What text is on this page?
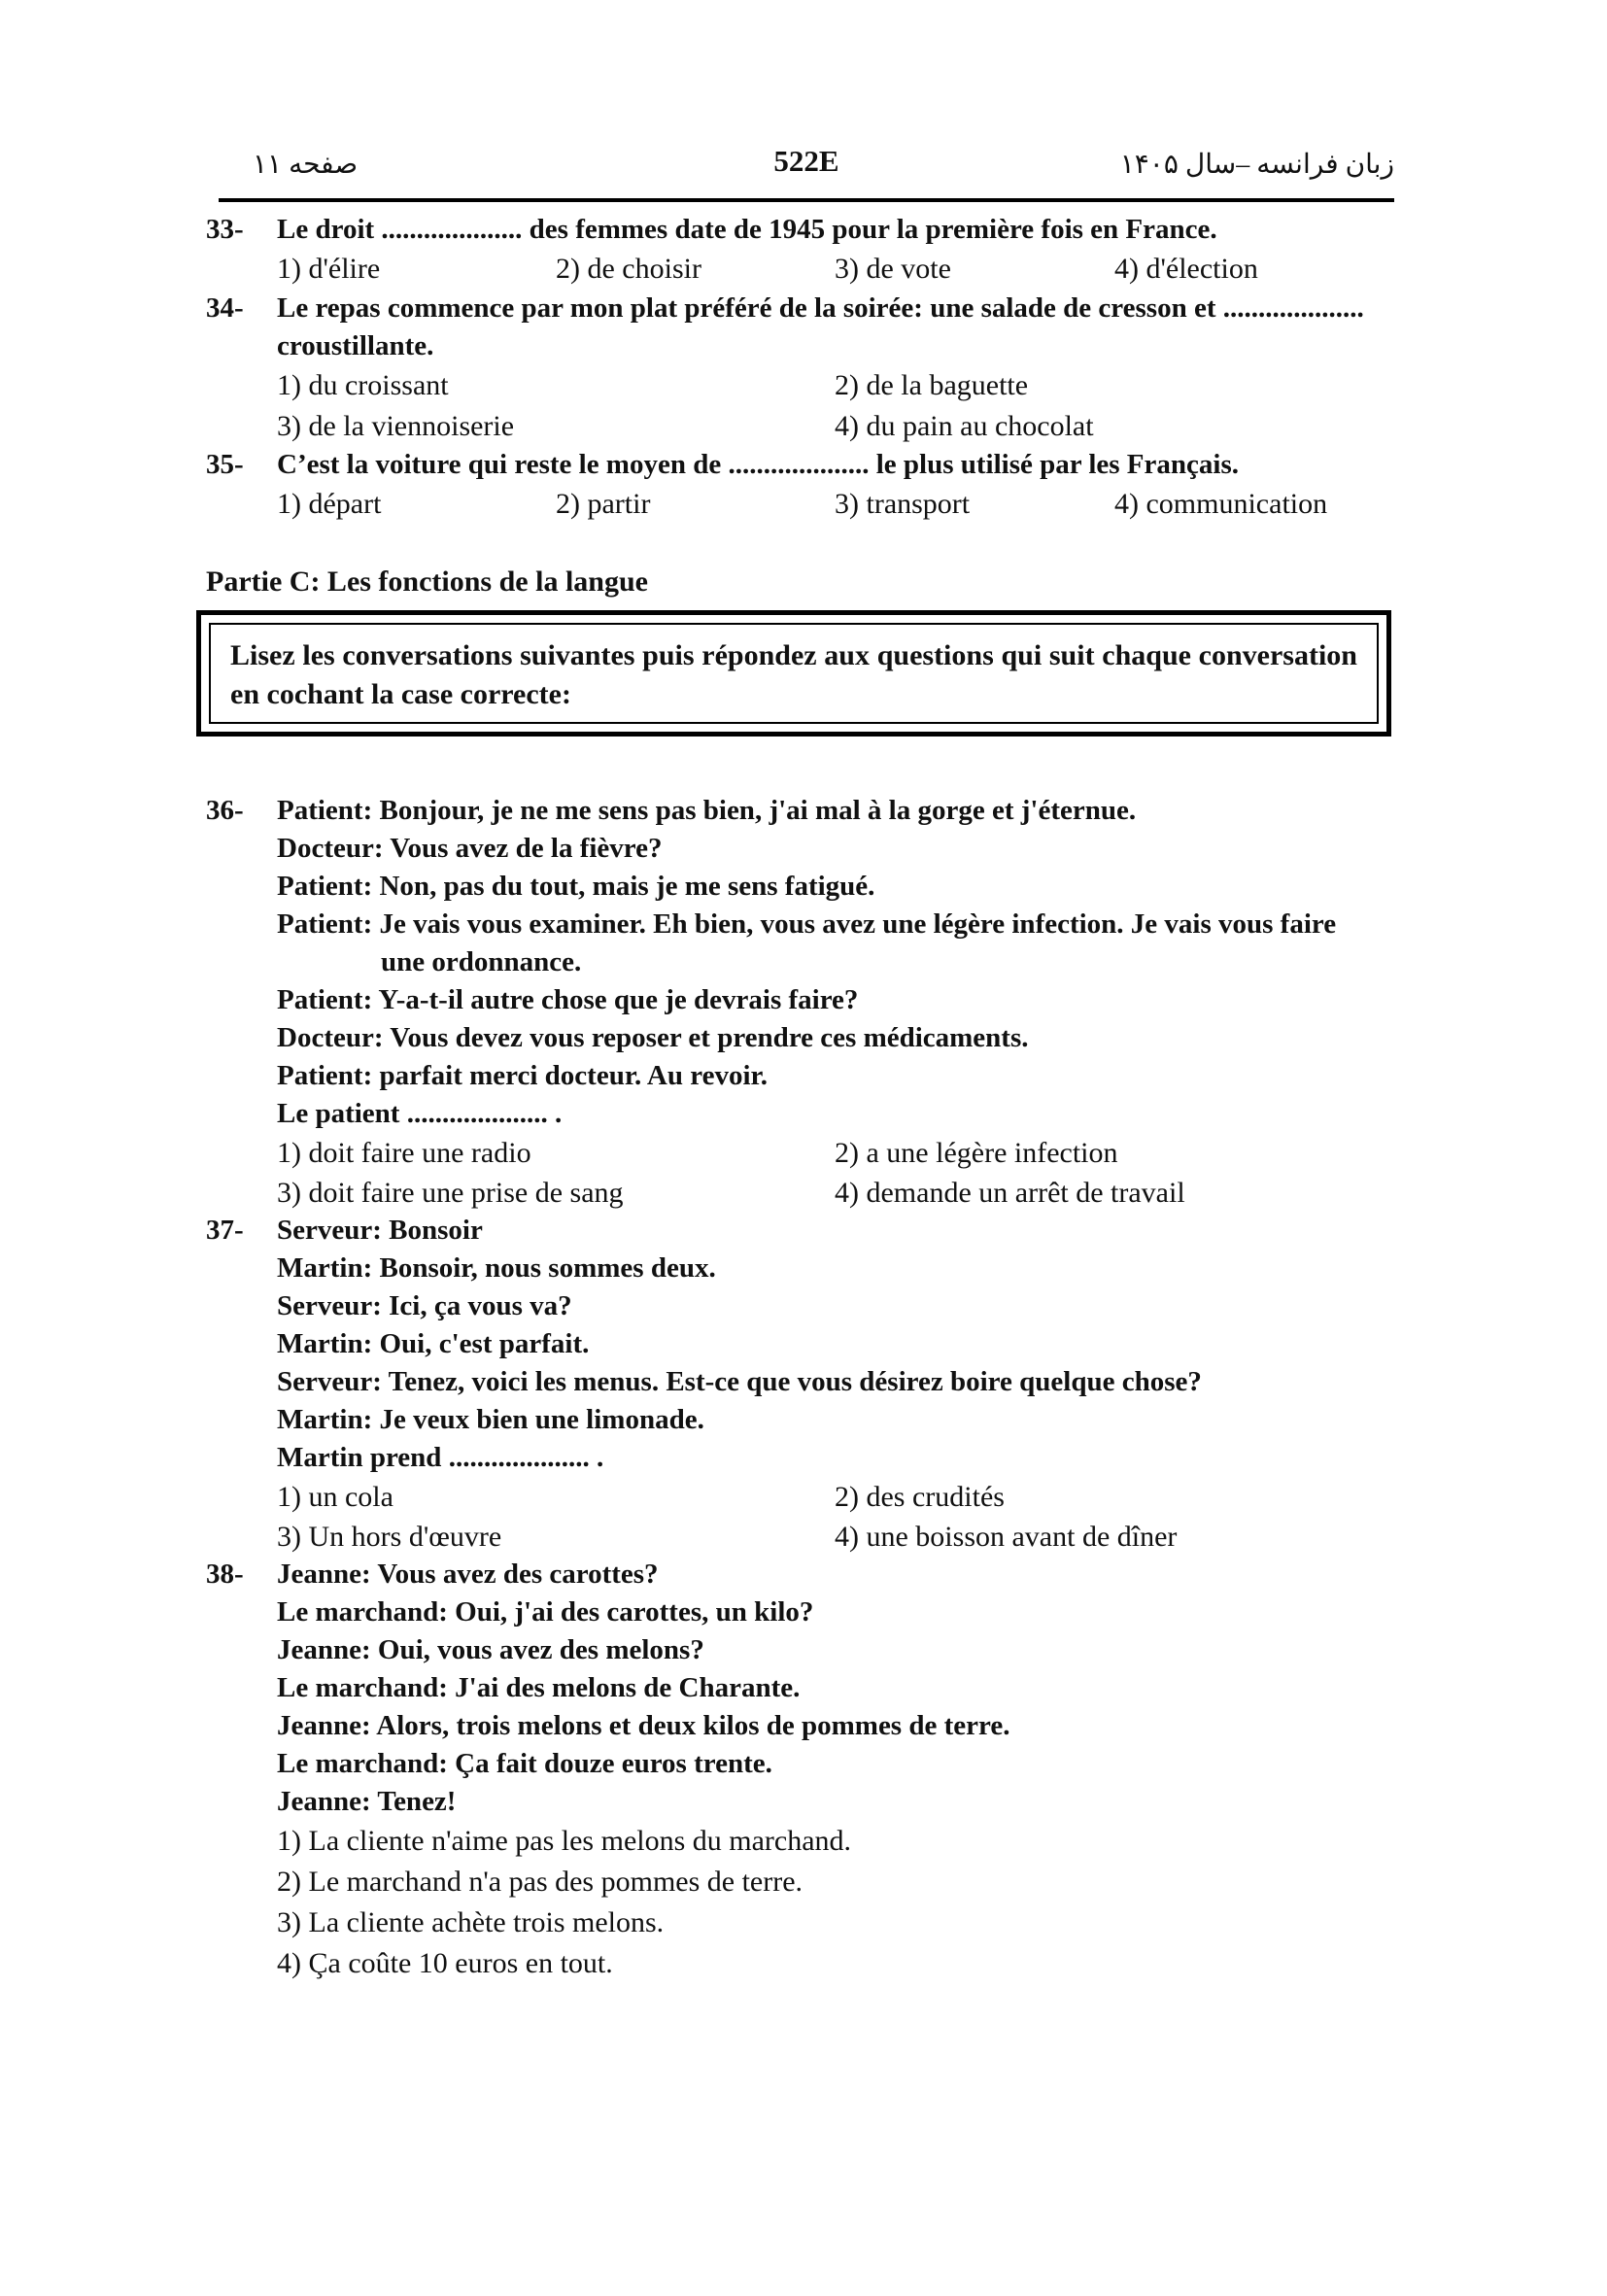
صفحه ۱۱	522E	زبان فرانسه –سال ۱۴۰۵
33- Le droit .................... des femmes date de 1945 pour la première fois en France.
1) d'élire	2) de choisir	3) de vote	4) d'élection
34- Le repas commence par mon plat préféré de la soirée: une salade de cresson et ....................
croustillante.
1) du croissant	2) de la baguette
3) de la viennoiserie	4) du pain au chocolat
35- C’est la voiture qui reste le moyen de .................... le plus utilisé par les Français.
1) départ	2) partir	3) transport	4) communication
Partie C: Les fonctions de la langue
Lisez les conversations suivantes puis répondez aux questions qui suit chaque conversation en cochant la case correcte:
36- Patient: Bonjour, je ne me sens pas bien, j'ai mal à la gorge et j'éternue.
Docteur: Vous avez de la fièvre?
Patient: Non, pas du tout, mais je me sens fatigué.
Patient: Je vais vous examiner. Eh bien, vous avez une légère infection. Je vais vous faire
une ordonnance.
Patient: Y-a-t-il autre chose que je devrais faire?
Docteur: Vous devez vous reposer et prendre ces médicaments.
Patient: parfait merci docteur. Au revoir.
Le patient .................... .
1) doit faire une radio	2) a une légère infection
3) doit faire une prise de sang	4) demande un arrêt de travail
37- Serveur: Bonsoir
Martin: Bonsoir, nous sommes deux.
Serveur: Ici, ça vous va?
Martin: Oui, c'est parfait.
Serveur: Tenez, voici les menus. Est-ce que vous désirez boire quelque chose?
Martin: Je veux bien une limonade.
Martin prend .................... .
1) un cola	2) des crudités
3) Un hors d'œuvre	4) une boisson avant de dîner
38- Jeanne: Vous avez des carottes?
Le marchand: Oui, j'ai des carottes, un kilo?
Jeanne: Oui, vous avez des melons?
Le marchand: J'ai des melons de Charante.
Jeanne: Alors, trois melons et deux kilos de pommes de terre.
Le marchand: Ça fait douze euros trente.
Jeanne: Tenez!
1) La cliente n'aime pas les melons du marchand.
2) Le marchand n'a pas des pommes de terre.
3) La cliente achète trois melons.
4) Ça coûte 10 euros en tout.
